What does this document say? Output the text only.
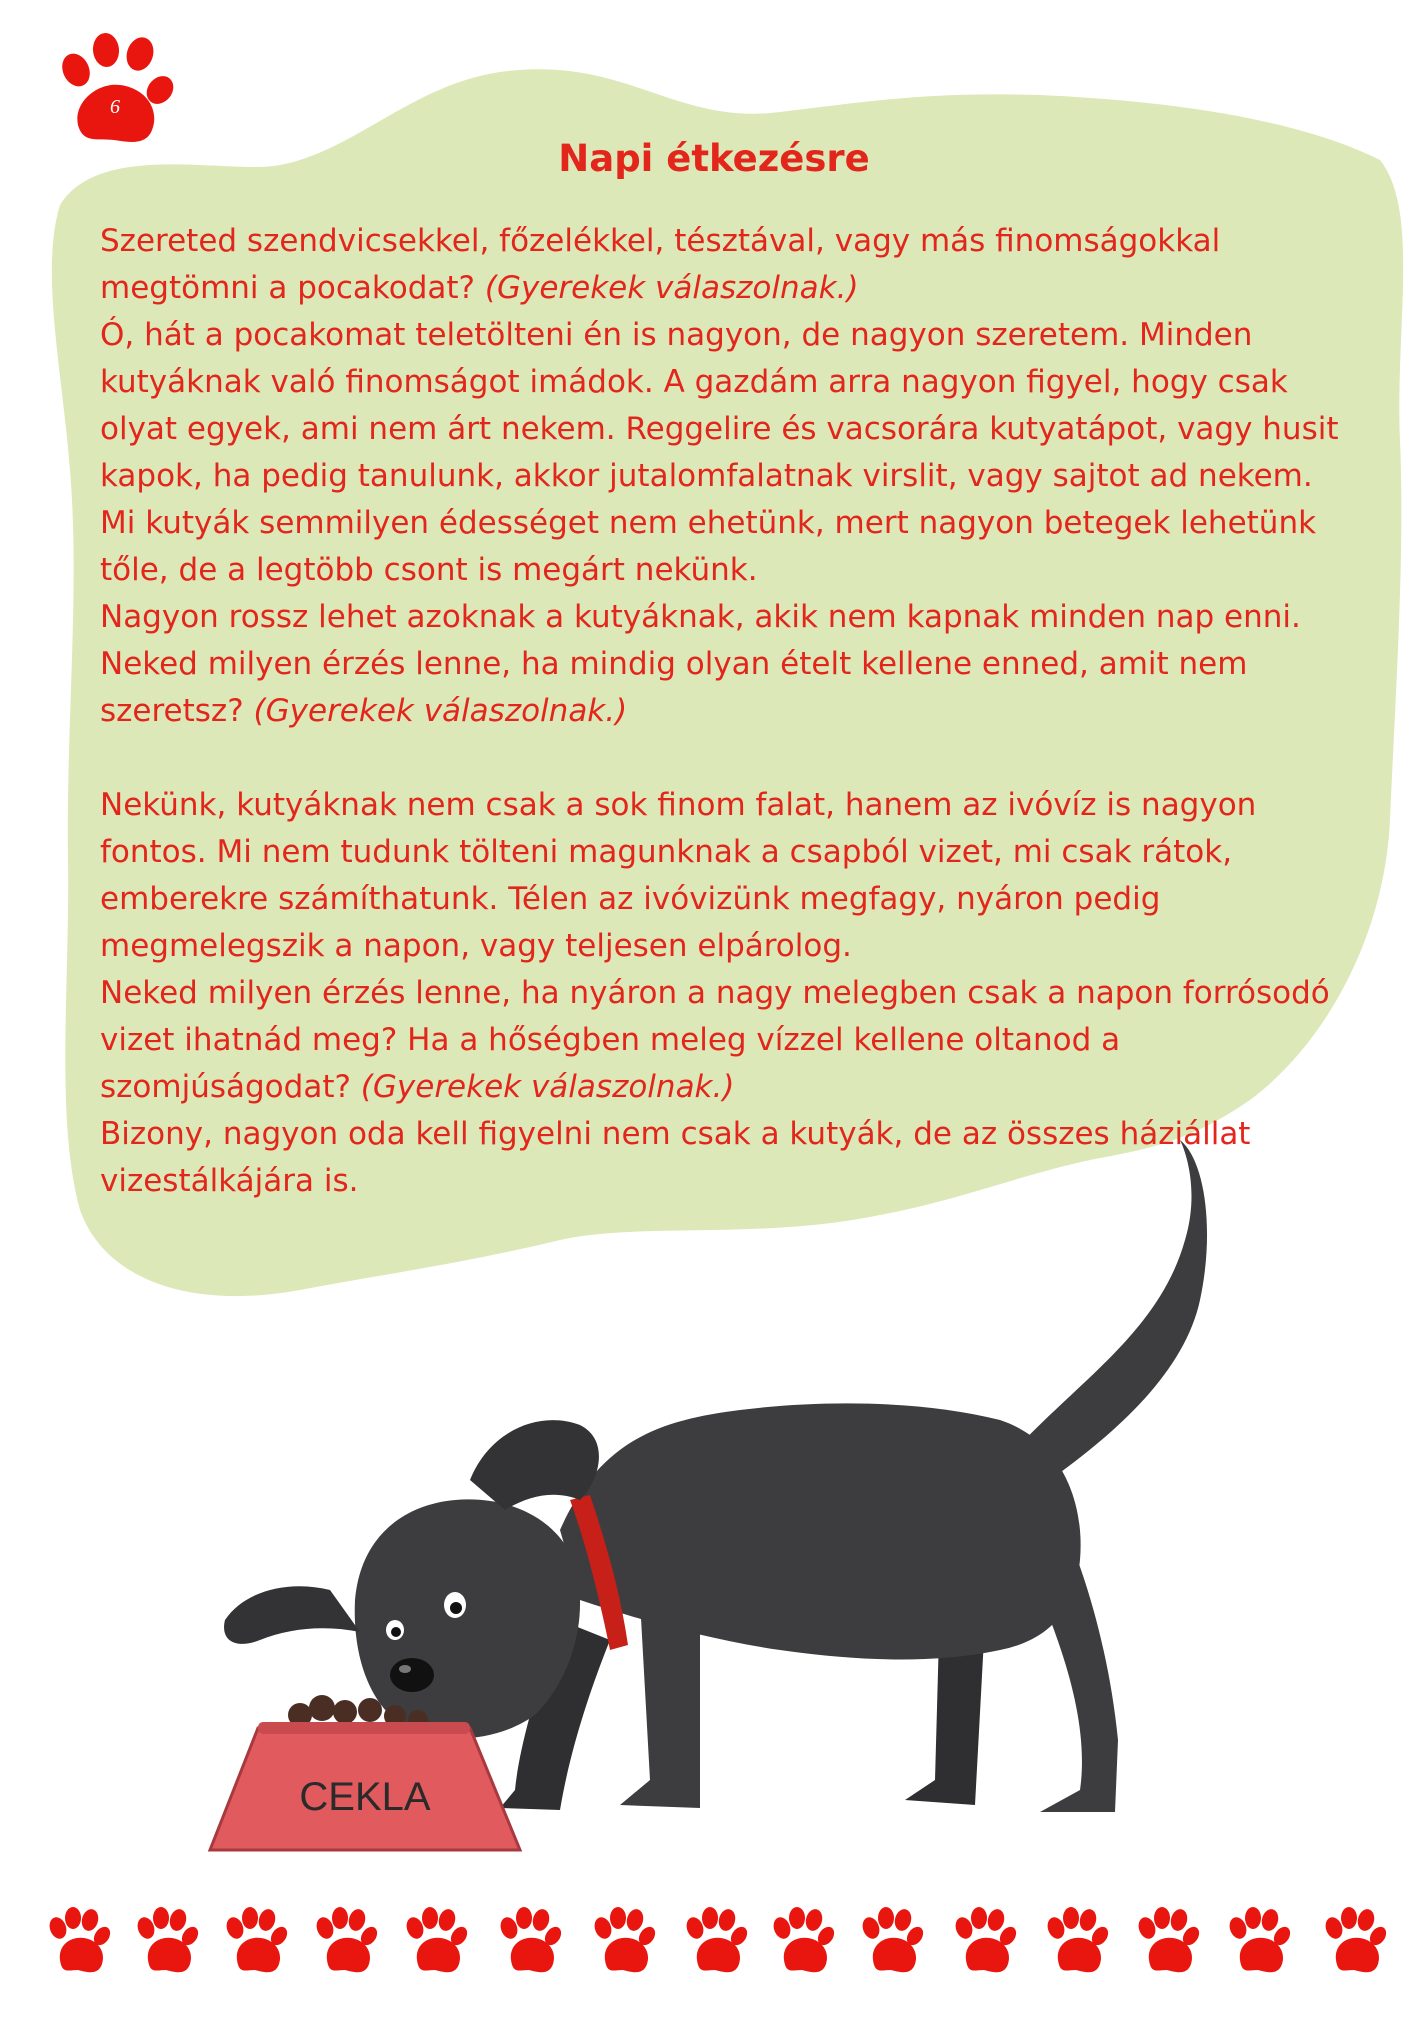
6
Napi étkezésre

Szereted szendvicsekkel, főzelékkel, tésztával, vagy más finomságokkal megtömni a pocakodat? (Gyerekek válaszolnak.)

Ó, hát a pocakomat teletölteni én is nagyon, de nagyon szeretem. Minden kutyáknak való finomságot imádok. A gazdám arra nagyon figyel, hogy csak olyat egyek, ami nem árt nekem. Reggelire és vacsorára kutyatápot, vagy husit kapok, ha pedig tanulunk, akkor jutalomfalatnak virslit, vagy sajtot ad nekem. Mi kutyák semmilyen édességet nem ehetünk, mert nagyon betegek lehetünk tőle, de a legtöbb csont is megárt nekünk.

Nagyon rossz lehet azoknak a kutyáknak, akik nem kapnak minden nap enni.

Neked milyen érzés lenne, ha mindig olyan ételt kellene enned, amit nem szeretsz? (Gyerekek válaszolnak.)

Nekünk, kutyáknak nem csak a sok finom falat, hanem az ivóvíz is nagyon fontos. Mi nem tudunk tölteni magunknak a csapból vizet, mi csak rátok, emberekre számíthatunk. Télen az ivóvizünk megfagy, nyáron pedig megmelegszik a napon, vagy teljesen elpárolog.

Neked milyen érzés lenne, ha nyáron a nagy melegben csak a napon forrósodó vizet ihatnád meg? Ha a hőségben meleg vízzel kellene oltanod a szomjúságodat? (Gyerekek válaszolnak.)

Bizony, nagyon oda kell figyelni nem csak a kutyák, de az összes háziállat vizestálkájára is.

CEKLA
